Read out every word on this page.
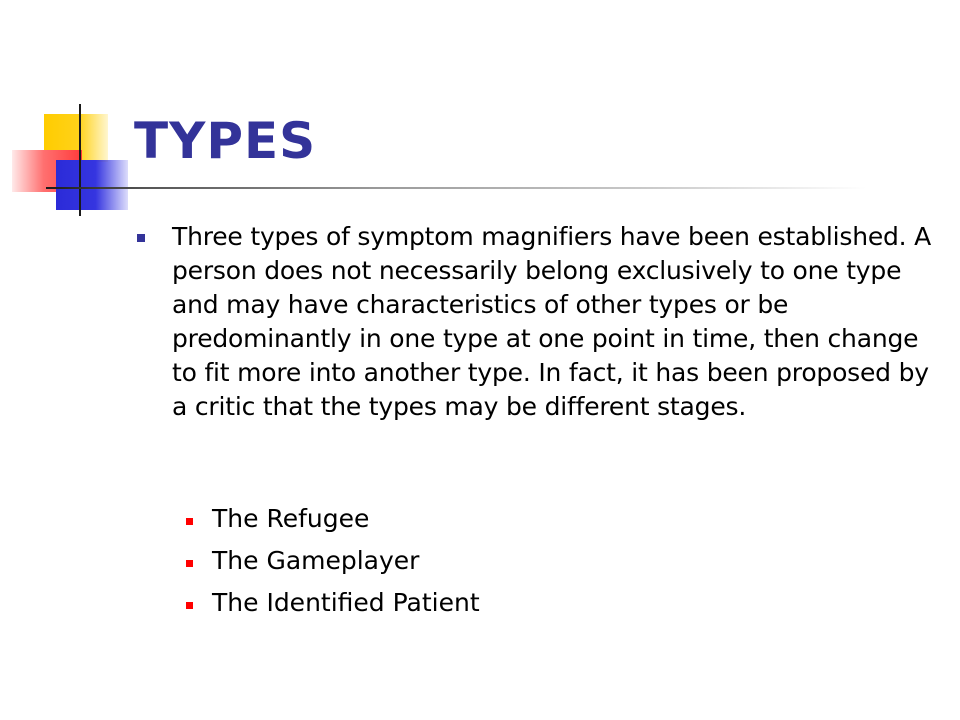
TYPES
Three types of symptom magnifiers have been established. A person does not necessarily belong exclusively to one type and may have characteristics of other types or be predominantly in one type at one point in time, then change to fit more into another type. In fact, it has been proposed by a critic that the types may be different stages.
The Refugee
The Gameplayer
The Identified Patient
